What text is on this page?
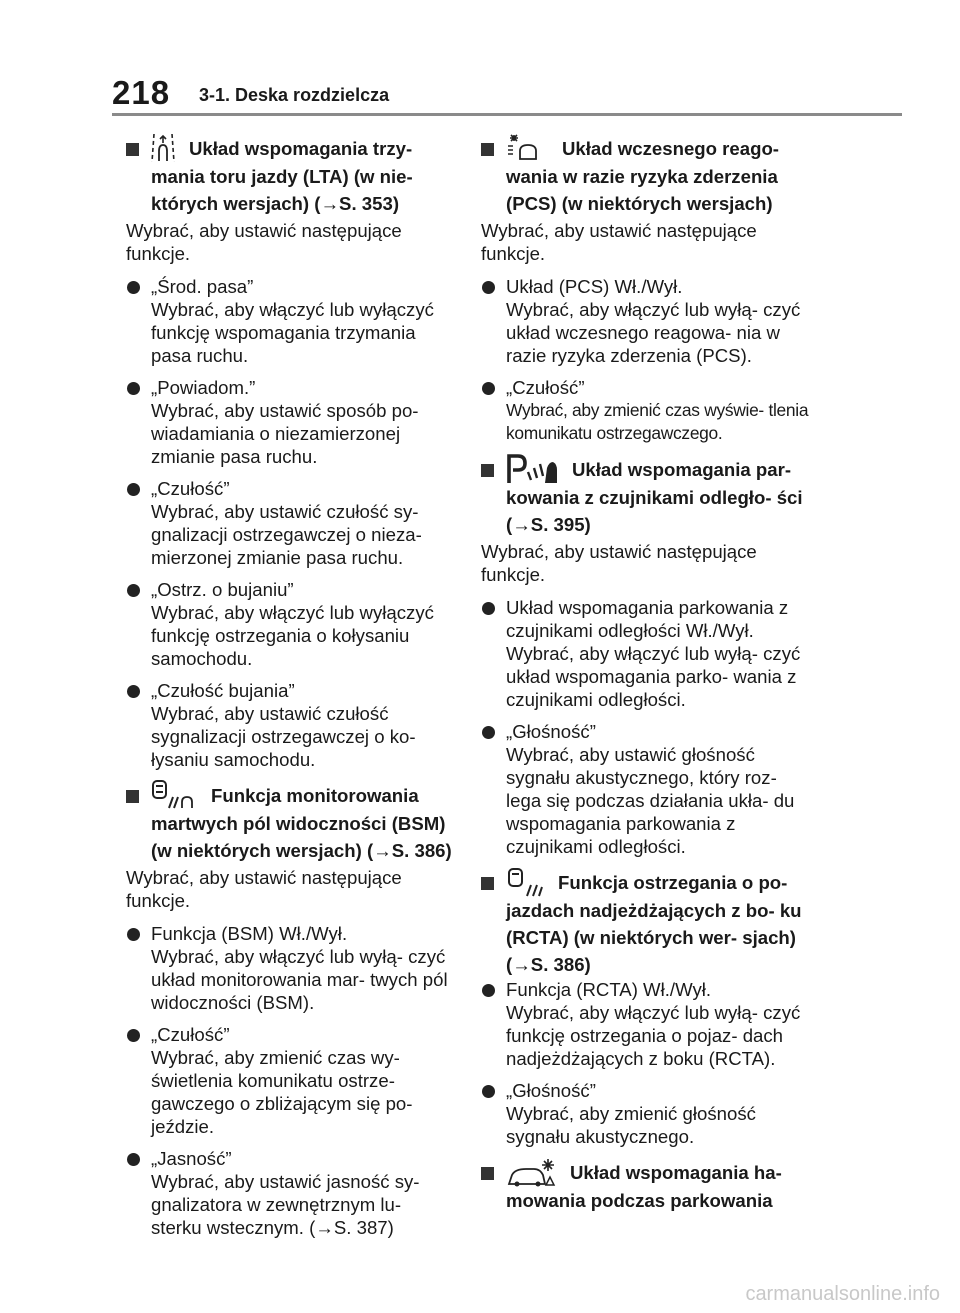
218 3-1. Deska rozdzielcza
Układ wspomagania trzy- mania toru jazdy (LTA) (w nie- których wersjach) (→S. 353)
Wybrać, aby ustawić następujące funkcje.
„Środ. pasa”
Wybrać, aby włączyć lub wyłączyć funkcję wspomagania trzymania pasa ruchu.
„Powiadom.”
Wybrać, aby ustawić sposób po- wiadamiania o niezamierzonej zmianie pasa ruchu.
„Czułość”
Wybrać, aby ustawić czułość sy- gnalizacji ostrzegawczej o nieza- mierzonej zmianie pasa ruchu.
„Ostrz. o bujaniu”
Wybrać, aby włączyć lub wyłączyć funkcję ostrzegania o kołysaniu samochodu.
„Czułość bujania”
Wybrać, aby ustawić czułość sygnalizacji ostrzegawczej o ko- łysaniu samochodu.
Funkcja monitorowania martwych pól widoczności (BSM) (w niektórych wersjach) (→S. 386)
Wybrać, aby ustawić następujące funkcje.
Funkcja (BSM) Wł./Wył.
Wybrać, aby włączyć lub wyłą- czyć układ monitorowania mar- twych pól widoczności (BSM).
„Czułość”
Wybrać, aby zmienić czas wy- świetlenia komunikatu ostrze- gawczego o zbliżającym się po- jeździe.
„Jasność”
Wybrać, aby ustawić jasność sy- gnalizatora w zewnętrznym lu- sterku wstecznym. (→S. 387)
Układ wczesnego reago- wania w razie ryzyka zderzenia (PCS) (w niektórych wersjach)
Wybrać, aby ustawić następujące funkcje.
Układ (PCS) Wł./Wył.
Wybrać, aby włączyć lub wyłą- czyć układ wczesnego reagowa- nia w razie ryzyka zderzenia (PCS).
„Czułość”
Wybrać, aby zmienić czas wyświe- tlenia komunikatu ostrzegawczego.
Układ wspomagania par- kowania z czujnikami odległo- ści (→S. 395)
Wybrać, aby ustawić następujące funkcje.
Układ wspomagania parkowania z czujnikami odległości Wł./Wył.
Wybrać, aby włączyć lub wyłą- czyć układ wspomagania parko- wania z czujnikami odległości.
„Głośność”
Wybrać, aby ustawić głośność sygnału akustycznego, który roz- lega się podczas działania ukła- du wspomagania parkowania z czujnikami odległości.
Funkcja ostrzegania o po- jazdach nadjeżdżających z bo- ku (RCTA) (w niektórych wer- sjach) (→S. 386)
Funkcja (RCTA) Wł./Wył.
Wybrać, aby włączyć lub wyłą- czyć funkcję ostrzegania o pojaz- dach nadjeżdżających z boku (RCTA).
„Głośność”
Wybrać, aby zmienić głośność sygnału akustycznego.
Układ wspomagania ha- mowania podczas parkowania
carmanualsonline.info
